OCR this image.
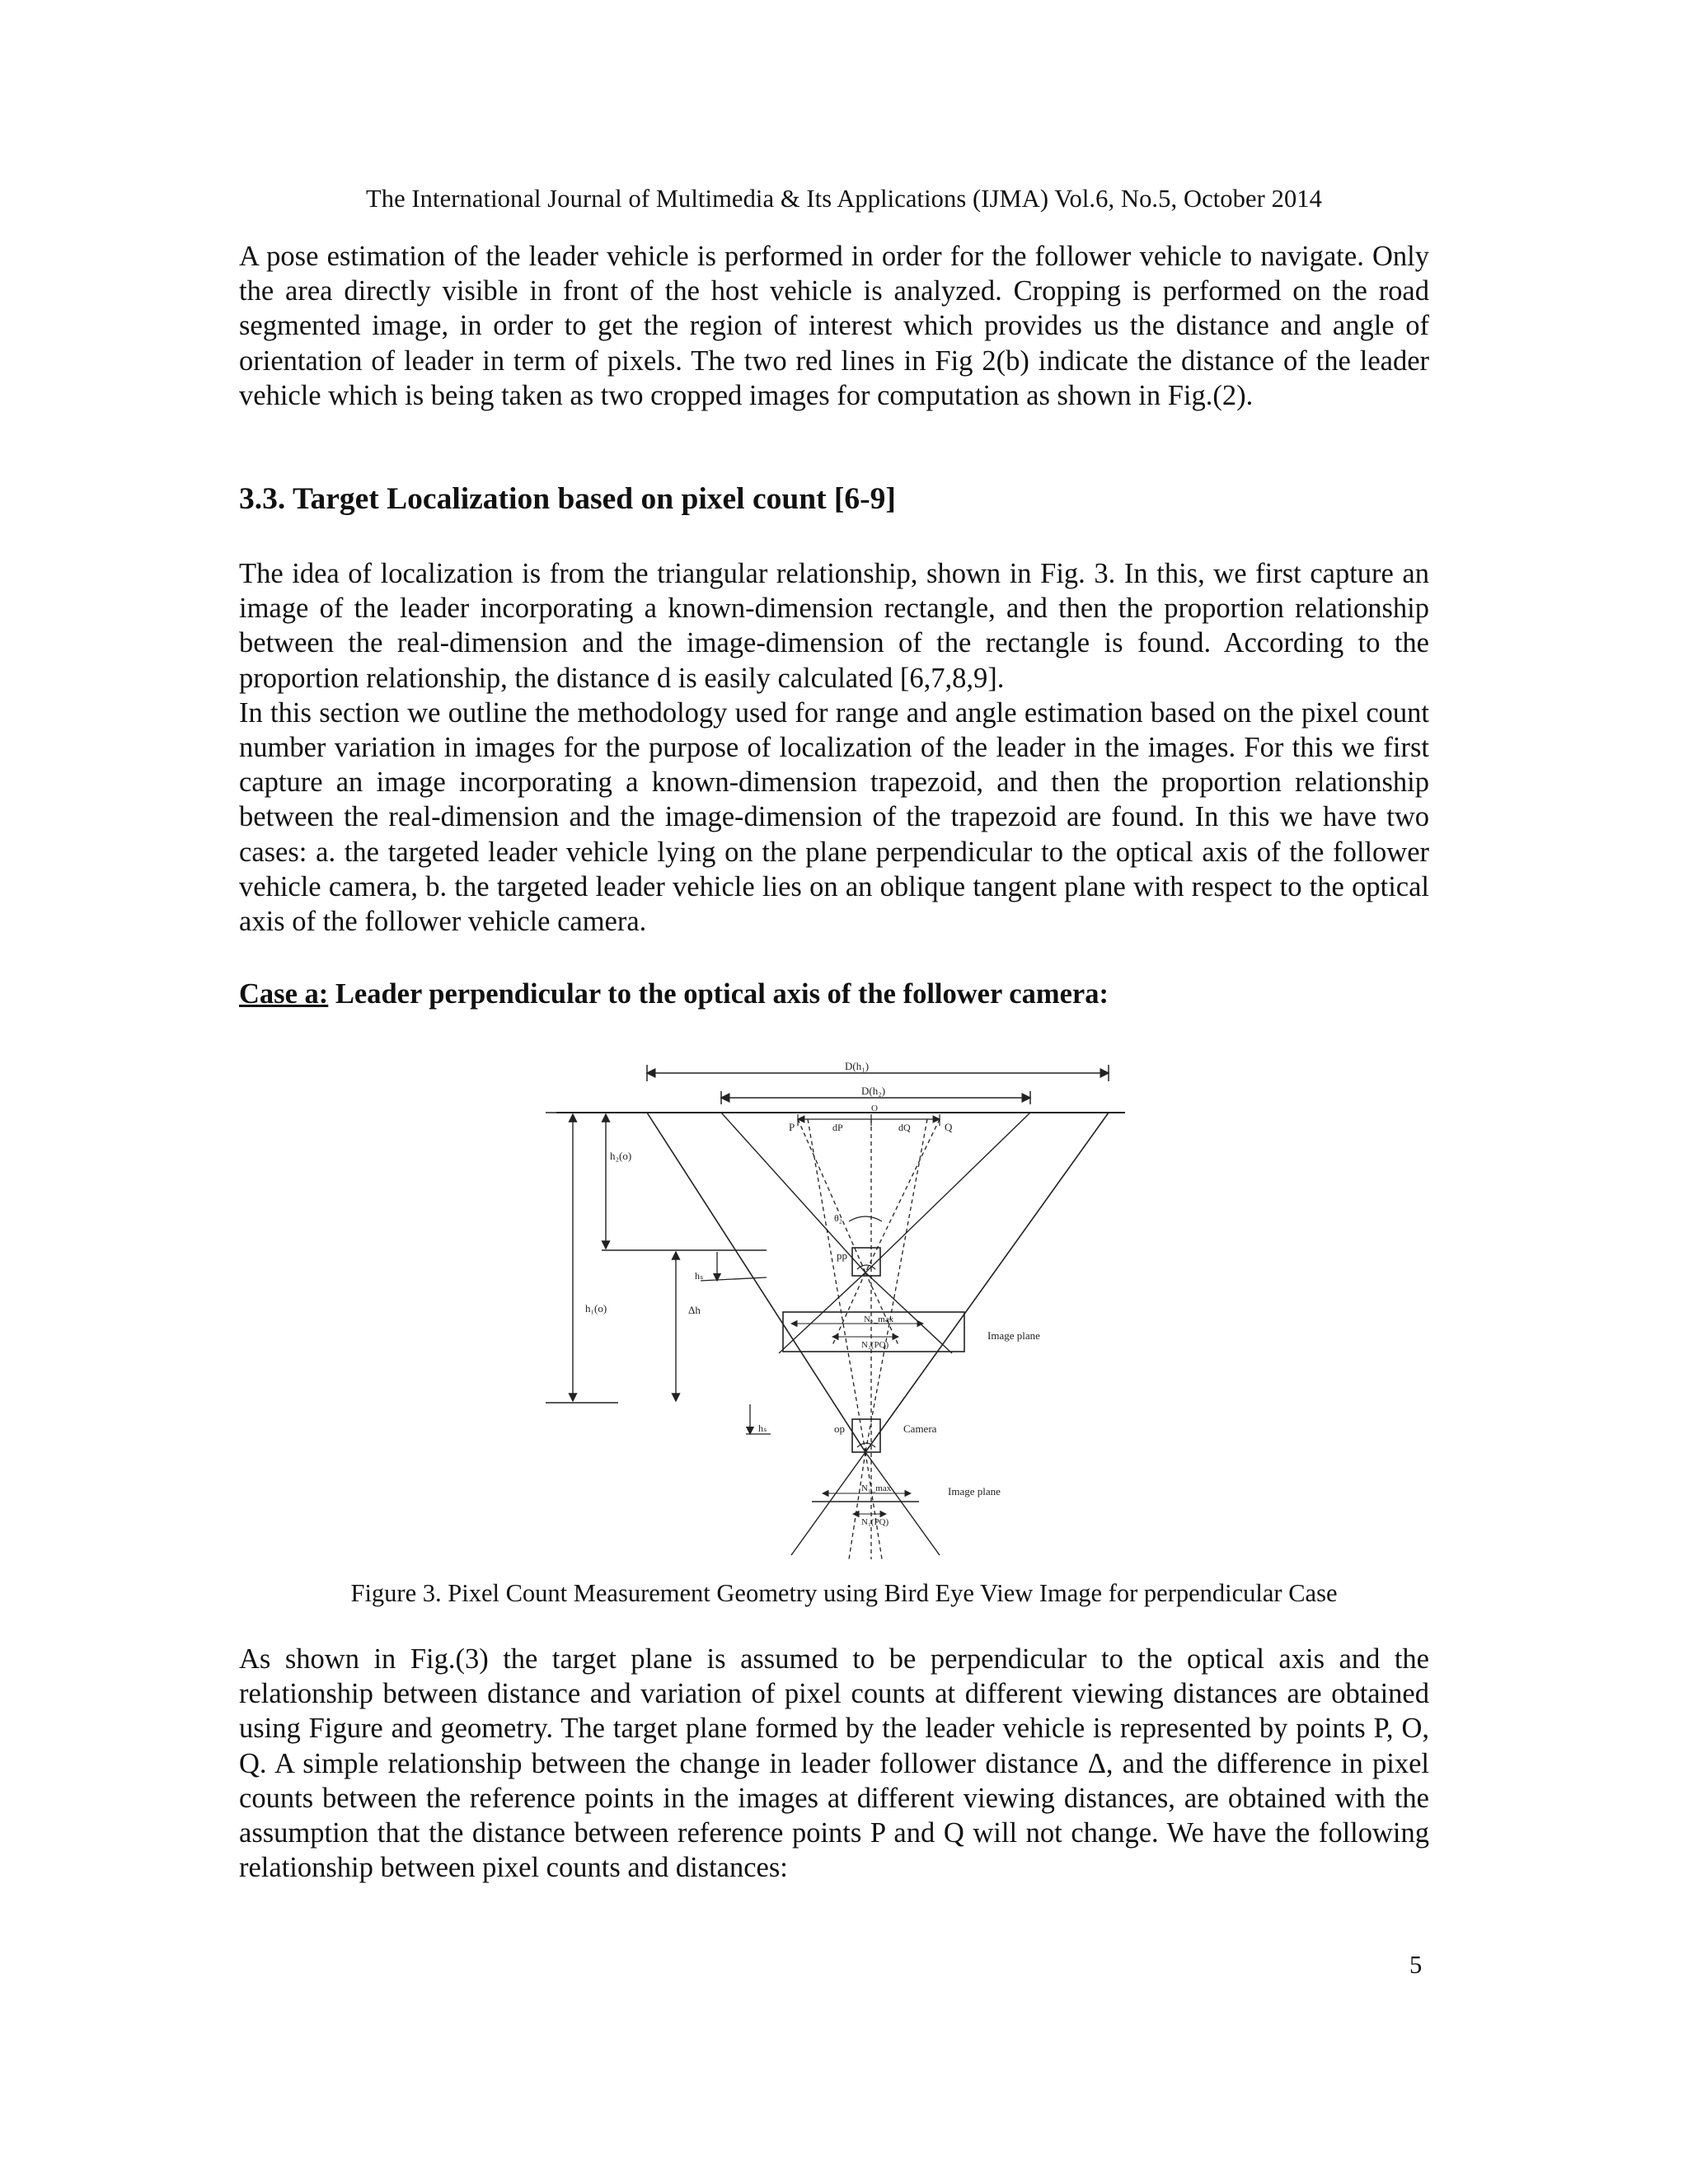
The International Journal of Multimedia & Its Applications (IJMA) Vol.6, No.5, October 2014

A pose estimation of the leader vehicle is performed in order for the follower vehicle to navigate. Only the area directly visible in front of the host vehicle is analyzed. Cropping is performed on the road segmented image, in order to get the region of interest which provides us the distance and angle of orientation of leader in term of pixels. The two red lines in Fig 2(b) indicate the distance of the leader vehicle which is being taken as two cropped images for computation as shown in Fig.(2).

3.3. Target Localization based on pixel count [6-9]

The idea of localization is from the triangular relationship, shown in Fig. 3. In this, we first capture an image of the leader incorporating a known-dimension rectangle, and then the proportion relationship between the real-dimension and the image-dimension of the rectangle is found. According to the proportion relationship, the distance d is easily calculated [6,7,8,9].

In this section we outline the methodology used for range and angle estimation based on the pixel count number variation in images for the purpose of localization of the leader in the images. For this we first capture an image incorporating a known-dimension trapezoid, and then the proportion relationship between the real-dimension and the image-dimension of the trapezoid are found. In this we have two cases: a. the targeted leader vehicle lying on the plane perpendicular to the optical axis of the follower vehicle camera, b. the targeted leader vehicle lies on an oblique tangent plane with respect to the optical axis of the follower vehicle camera.

Case a: Leader perpendicular to the optical axis of the follower camera:
D(h₁)
D(h₂)
P	Q
O
dP	dQ
θ₂
pp
N₂_max
N₂(PQ)
Image plane
op	Camera
N₁_max
N₁(PQ)
Image plane
h₁(o)
h₂(o)
Δh
hₛ
hₛ
Figure 3. Pixel Count Measurement Geometry using Bird Eye View Image for perpendicular Case

As shown in Fig.(3) the target plane is assumed to be perpendicular to the optical axis and the relationship between distance and variation of pixel counts at different viewing distances are obtained using Figure and geometry. The target plane formed by the leader vehicle is represented by points P, O, Q. A simple relationship between the change in leader follower distance Δ, and the difference in pixel counts between the reference points in the images at different viewing distances, are obtained with the assumption that the distance between reference points P and Q will not change. We have the following relationship between pixel counts and distances:

5
